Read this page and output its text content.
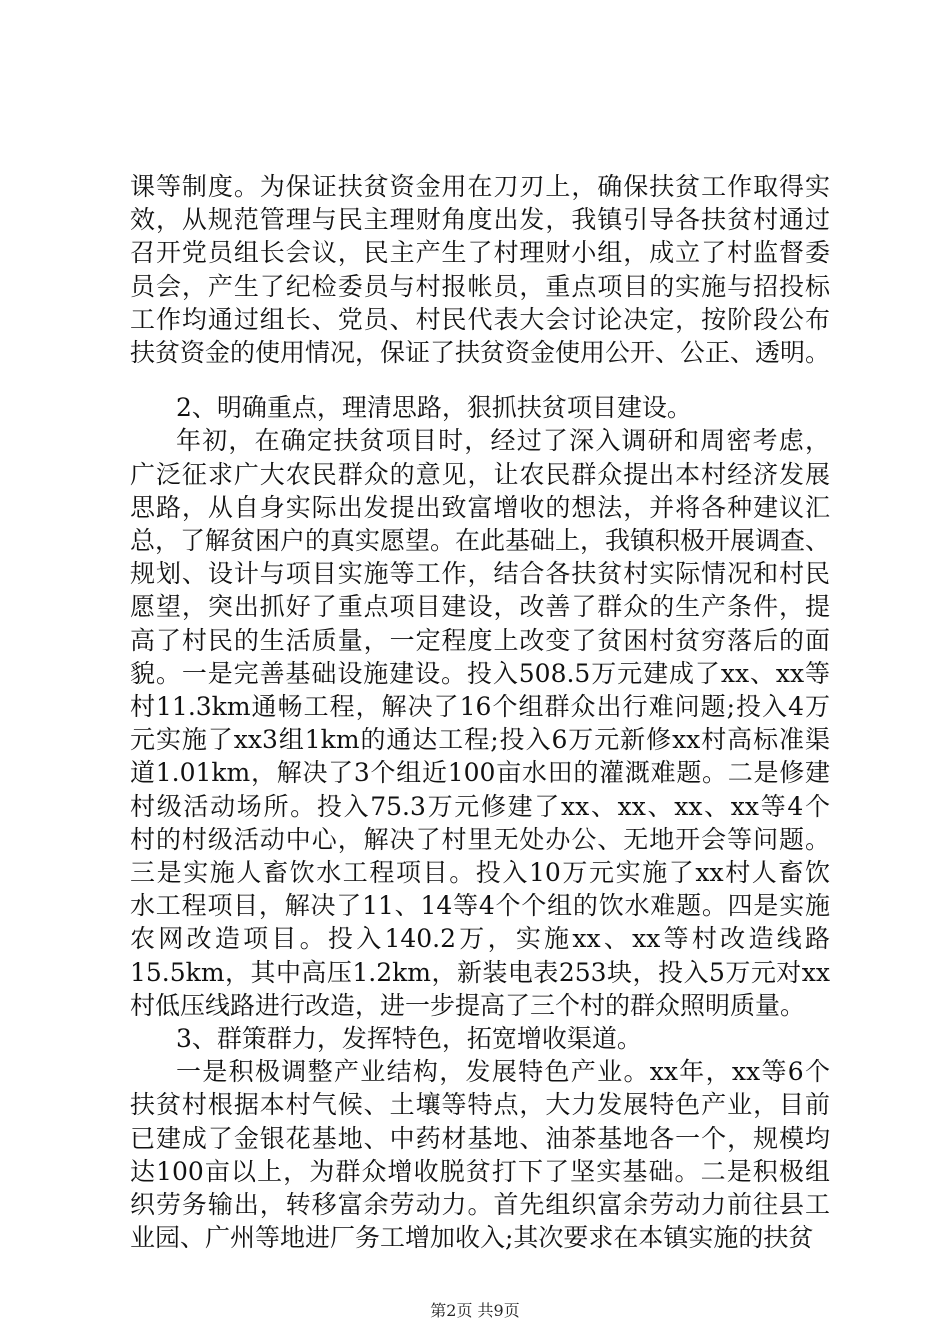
课等制度。为保证扶贫资金用在刀刃上，确保扶贫工作取得实
效，从规范管理与民主理财角度出发，我镇引导各扶贫村通过
召开党员组长会议，民主产生了村理财小组，成立了村监督委
员会，产生了纪检委员与村报帐员，重点项目的实施与招投标
工作均通过组长、党员、村民代表大会讨论决定，按阶段公布
扶贫资金的使用情况，保证了扶贫资金使用公开、公正、透明。
2、明确重点，理清思路，狠抓扶贫项目建设。
年初，在确定扶贫项目时，经过了深入调研和周密考虑，
广泛征求广大农民群众的意见，让农民群众提出本村经济发展
思路，从自身实际出发提出致富增收的想法，并将各种建议汇
总，了解贫困户的真实愿望。在此基础上，我镇积极开展调查、
规划、设计与项目实施等工作，结合各扶贫村实际情况和村民
愿望，突出抓好了重点项目建设，改善了群众的生产条件，提
高了村民的生活质量，一定程度上改变了贫困村贫穷落后的面
貌。一是完善基础设施建设。投入508.5万元建成了xx、xx等
村11.3km通畅工程，解决了16个组群众出行难问题;投入4万
元实施了xx3组1km的通达工程;投入6万元新修xx村高标准渠
道1.01km，解决了3个组近100亩水田的灌溉难题。二是修建
村级活动场所。投入75.3万元修建了xx、xx、xx、xx等4个
村的村级活动中心，解决了村里无处办公、无地开会等问题。
三是实施人畜饮水工程项目。投入10万元实施了xx村人畜饮
水工程项目，解决了11、14等4个个组的饮水难题。四是实施
农网改造项目。投入140.2万，实施xx、xx等村改造线路
15.5km，其中高压1.2km，新装电表253块，投入5万元对xx
村低压线路进行改造，进一步提高了三个村的群众照明质量。
3、群策群力，发挥特色，拓宽增收渠道。
一是积极调整产业结构，发展特色产业。xx年，xx等6个
扶贫村根据本村气候、土壤等特点，大力发展特色产业，目前
已建成了金银花基地、中药材基地、油茶基地各一个，规模均
达100亩以上，为群众增收脱贫打下了坚实基础。二是积极组
第2页 共9页
织劳务输出，转移富余劳动力。首先组织富余劳动力前往县工
业园、广州等地进厂务工增加收入;其次要求在本镇实施的扶贫
